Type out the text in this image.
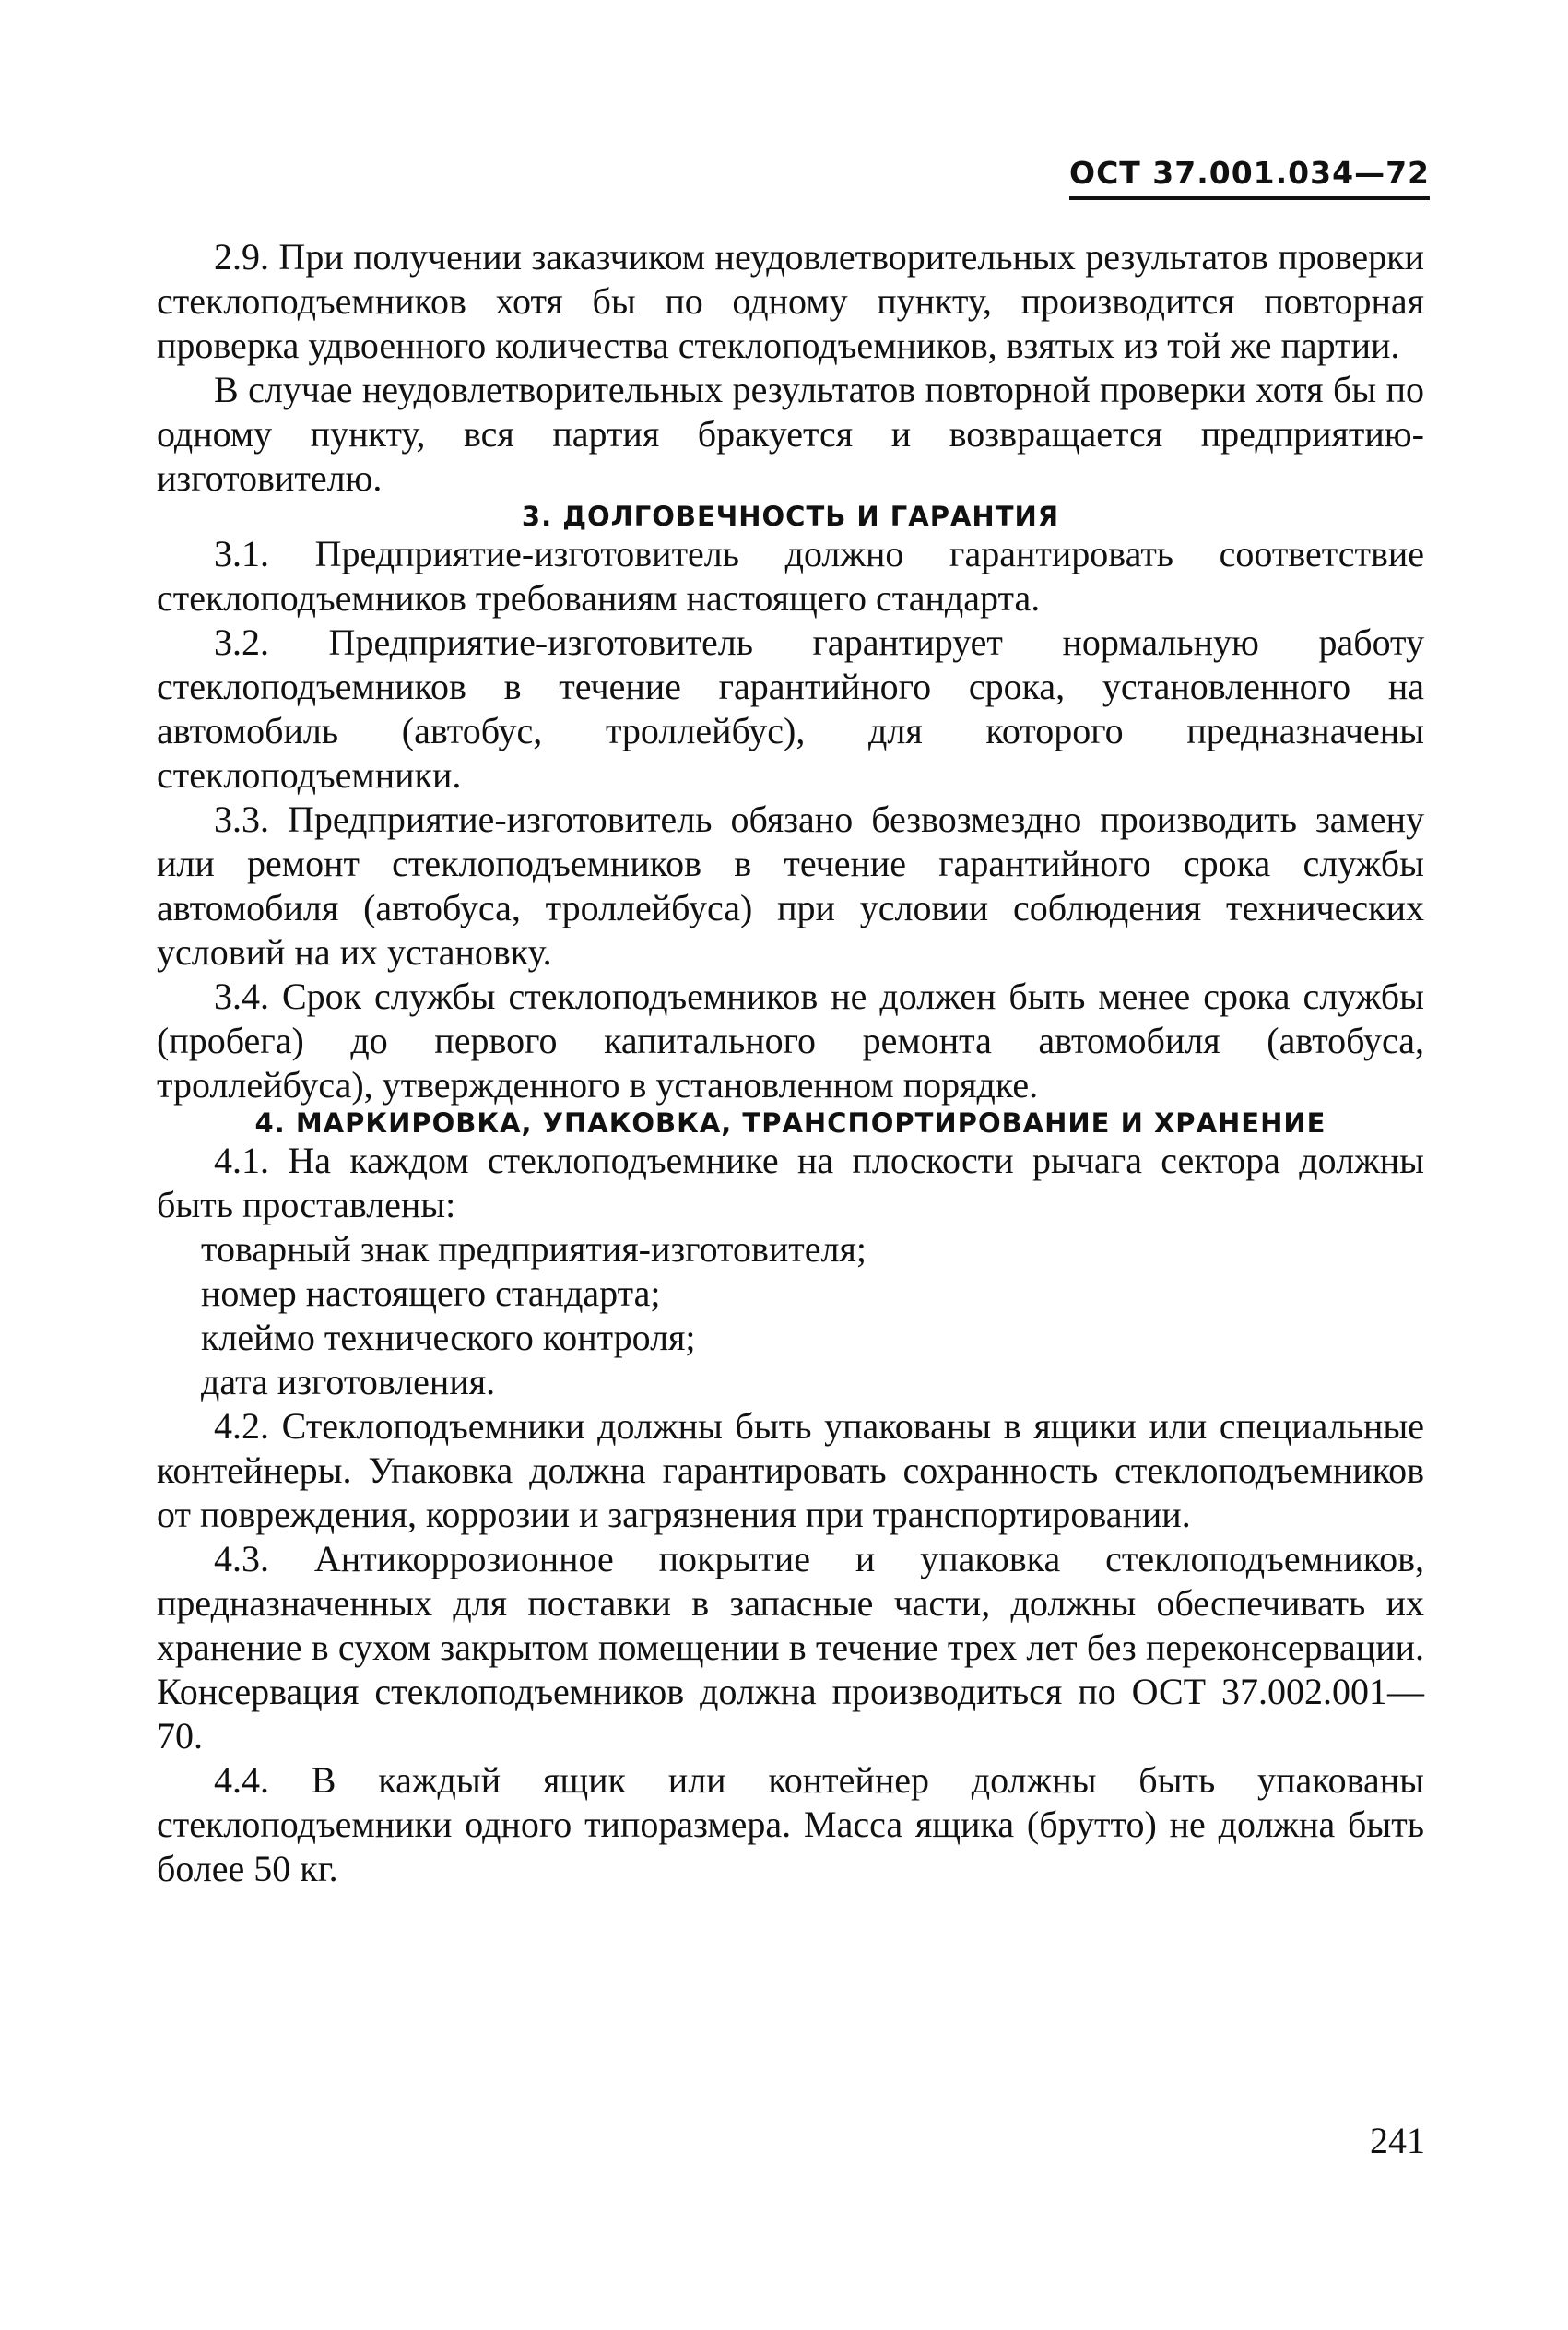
ОСТ 37.001.034—72

2.9. При получении заказчиком неудовлетворительных результатов проверки стеклоподъемников хотя бы по одному пункту, производится повторная проверка удвоенного количества стеклоподъемников, взятых из той же партии.

В случае неудовлетворительных результатов повторной проверки хотя бы по одному пункту, вся партия бракуется и возвращается предприятию-изготовителю.

3. ДОЛГОВЕЧНОСТЬ И ГАРАНТИЯ

3.1. Предприятие-изготовитель должно гарантировать соответствие стеклоподъемников требованиям настоящего стандарта.

3.2. Предприятие-изготовитель гарантирует нормальную работу стеклоподъемников в течение гарантийного срока, установленного на автомобиль (автобус, троллейбус), для которого предназначены стеклоподъемники.

3.3. Предприятие-изготовитель обязано безвозмездно производить замену или ремонт стеклоподъемников в течение гарантийного срока службы автомобиля (автобуса, троллейбуса) при условии соблюдения технических условий на их установку.

3.4. Срок службы стеклоподъемников не должен быть менее срока службы (пробега) до первого капитального ремонта автомобиля (автобуса, троллейбуса), утвержденного в установленном порядке.

4. МАРКИРОВКА, УПАКОВКА, ТРАНСПОРТИРОВАНИЕ И ХРАНЕНИЕ

4.1. На каждом стеклоподъемнике на плоскости рычага сектора должны быть проставлены:

товарный знак предприятия-изготовителя;

номер настоящего стандарта;

клеймо технического контроля;

дата изготовления.

4.2. Стеклоподъемники должны быть упакованы в ящики или специальные контейнеры. Упаковка должна гарантировать сохранность стеклоподъемников от повреждения, коррозии и загрязнения при транспортировании.

4.3. Антикоррозионное покрытие и упаковка стеклоподъемников, предназначенных для поставки в запасные части, должны обеспечивать их хранение в сухом закрытом помещении в течение трех лет без переконсервации. Консервация стеклоподъемников должна производиться по ОСТ 37.002.001—70.

4.4. В каждый ящик или контейнер должны быть упакованы стеклоподъемники одного типоразмера. Масса ящика (брутто) не должна быть более 50 кг.

241
